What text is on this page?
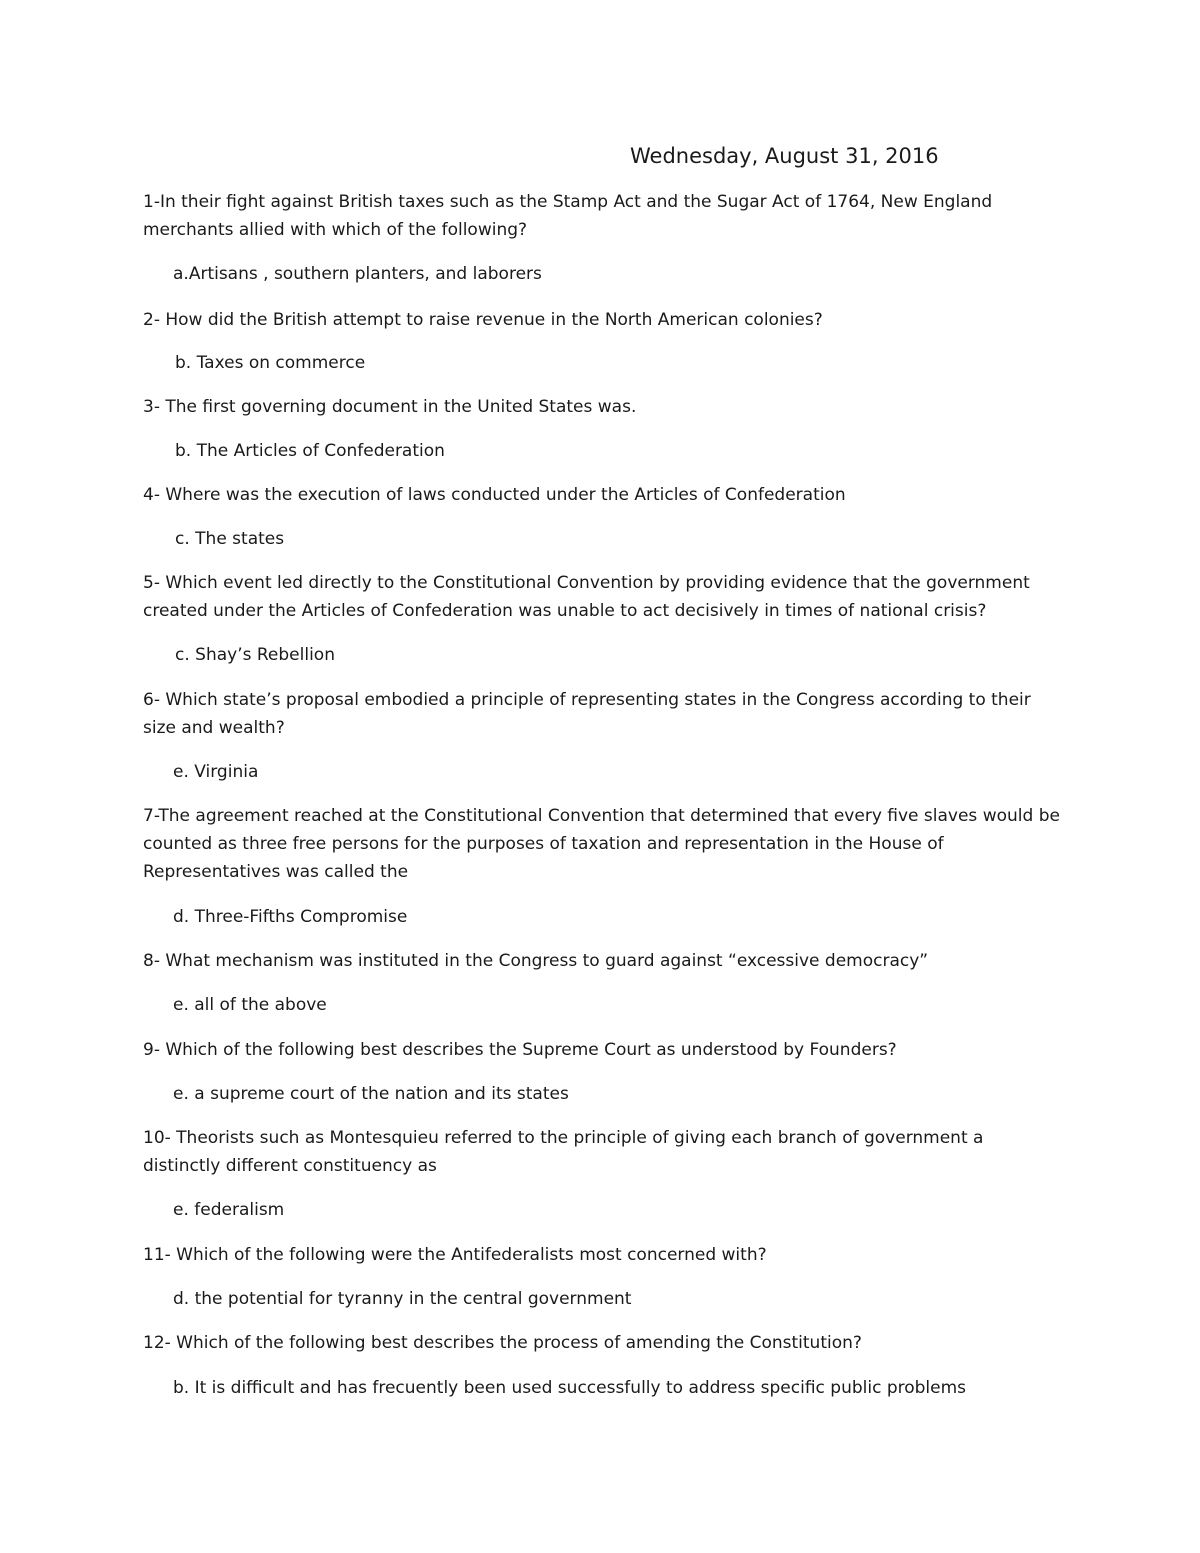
Wednesday, August 31, 2016
1-In their fight against British taxes such as the Stamp Act and the Sugar Act of 1764, New England merchants allied with which of the following?
a.Artisans , southern planters, and laborers
2- How did the British attempt to raise revenue in the North American colonies?
b. Taxes on commerce
3- The first governing document in the United States was.
b. The Articles of Confederation
4- Where was the execution of laws conducted under the Articles of Confederation
c. The states
5- Which event led directly to the Constitutional Convention by providing evidence that the government created under the Articles of Confederation was unable to act decisively in times of national crisis?
c. Shay’s Rebellion
6- Which state’s proposal embodied a principle of representing states in the Congress according to their size and wealth?
e. Virginia
7-The agreement reached at the Constitutional Convention that determined that every five slaves would be counted as three free persons for the purposes of taxation and representation in the House of Representatives was called the
d. Three-Fifths Compromise
8- What mechanism was instituted in the Congress to guard against “excessive democracy”
e. all of the above
9- Which of the following best describes the Supreme Court as understood by Founders?
e. a supreme court of the nation and its states
10- Theorists such as Montesquieu referred to the principle of giving each branch of government a distinctly different constituency as
e. federalism
11- Which of the following were the Antifederalists most concerned with?
d. the potential for tyranny in the central government
12- Which of the following best describes the process of amending the Constitution?
b. It is difficult and has frecuently been used successfully to address specific public problems
